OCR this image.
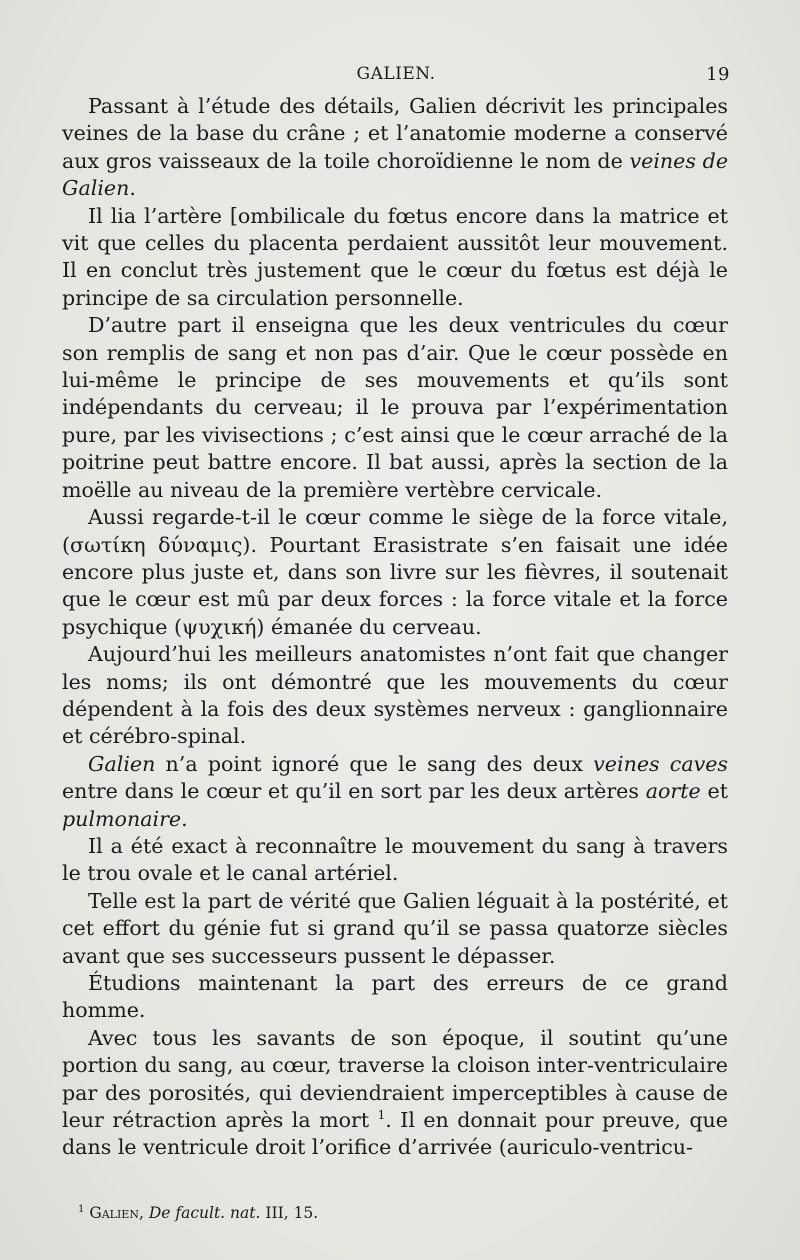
GALIEN.	19

Passant à l’étude des détails, Galien décrivit les principales veines de la base du crâne ; et l’anatomie moderne a conservé aux gros vaisseaux de la toile choroïdienne le nom de veines de Galien.

Il lia l’artère [ombilicale du fœtus encore dans la matrice et vit que celles du placenta perdaient aussitôt leur mouvement. Il en conclut très justement que le cœur du fœtus est déjà le principe de sa circulation personnelle.

D’autre part il enseigna que les deux ventricules du cœur son remplis de sang et non pas d’air. Que le cœur possède en lui-même le principe de ses mouvements et qu’ils sont indépendants du cerveau; il le prouva par l’expérimentation pure, par les vivisections ; c’est ainsi que le cœur arraché de la poitrine peut battre encore. Il bat aussi, après la section de la moëlle au niveau de la première vertèbre cervicale.

Aussi regarde-t-il le cœur comme le siège de la force vitale, (σωτίκη δύναμις). Pourtant Erasistrate s’en faisait une idée encore plus juste et, dans son livre sur les fièvres, il soutenait que le cœur est mû par deux forces : la force vitale et la force psychique (ψυχική) émanée du cerveau.

Aujourd’hui les meilleurs anatomistes n’ont fait que changer les noms; ils ont démontré que les mouvements du cœur dépendent à la fois des deux systèmes nerveux : ganglionnaire et cérébro-spinal.

Galien n’a point ignoré que le sang des deux veines caves entre dans le cœur et qu’il en sort par les deux artères aorte et pulmonaire.

Il a été exact à reconnaître le mouvement du sang à travers le trou ovale et le canal artériel.

Telle est la part de vérité que Galien léguait à la postérité, et cet effort du génie fut si grand qu’il se passa quatorze siècles avant que ses successeurs pussent le dépasser.

Étudions maintenant la part des erreurs de ce grand homme.

Avec tous les savants de son époque, il soutint qu’une portion du sang, au cœur, traverse la cloison inter-ventriculaire par des porosités, qui deviendraient imperceptibles à cause de leur rétraction après la mort $^1$. Il en donnait pour preuve, que dans le ventricule droit l’orifice d’arrivée (auriculo-ventricu-

$^1$ Galien, De facult. nat. III, 15.
